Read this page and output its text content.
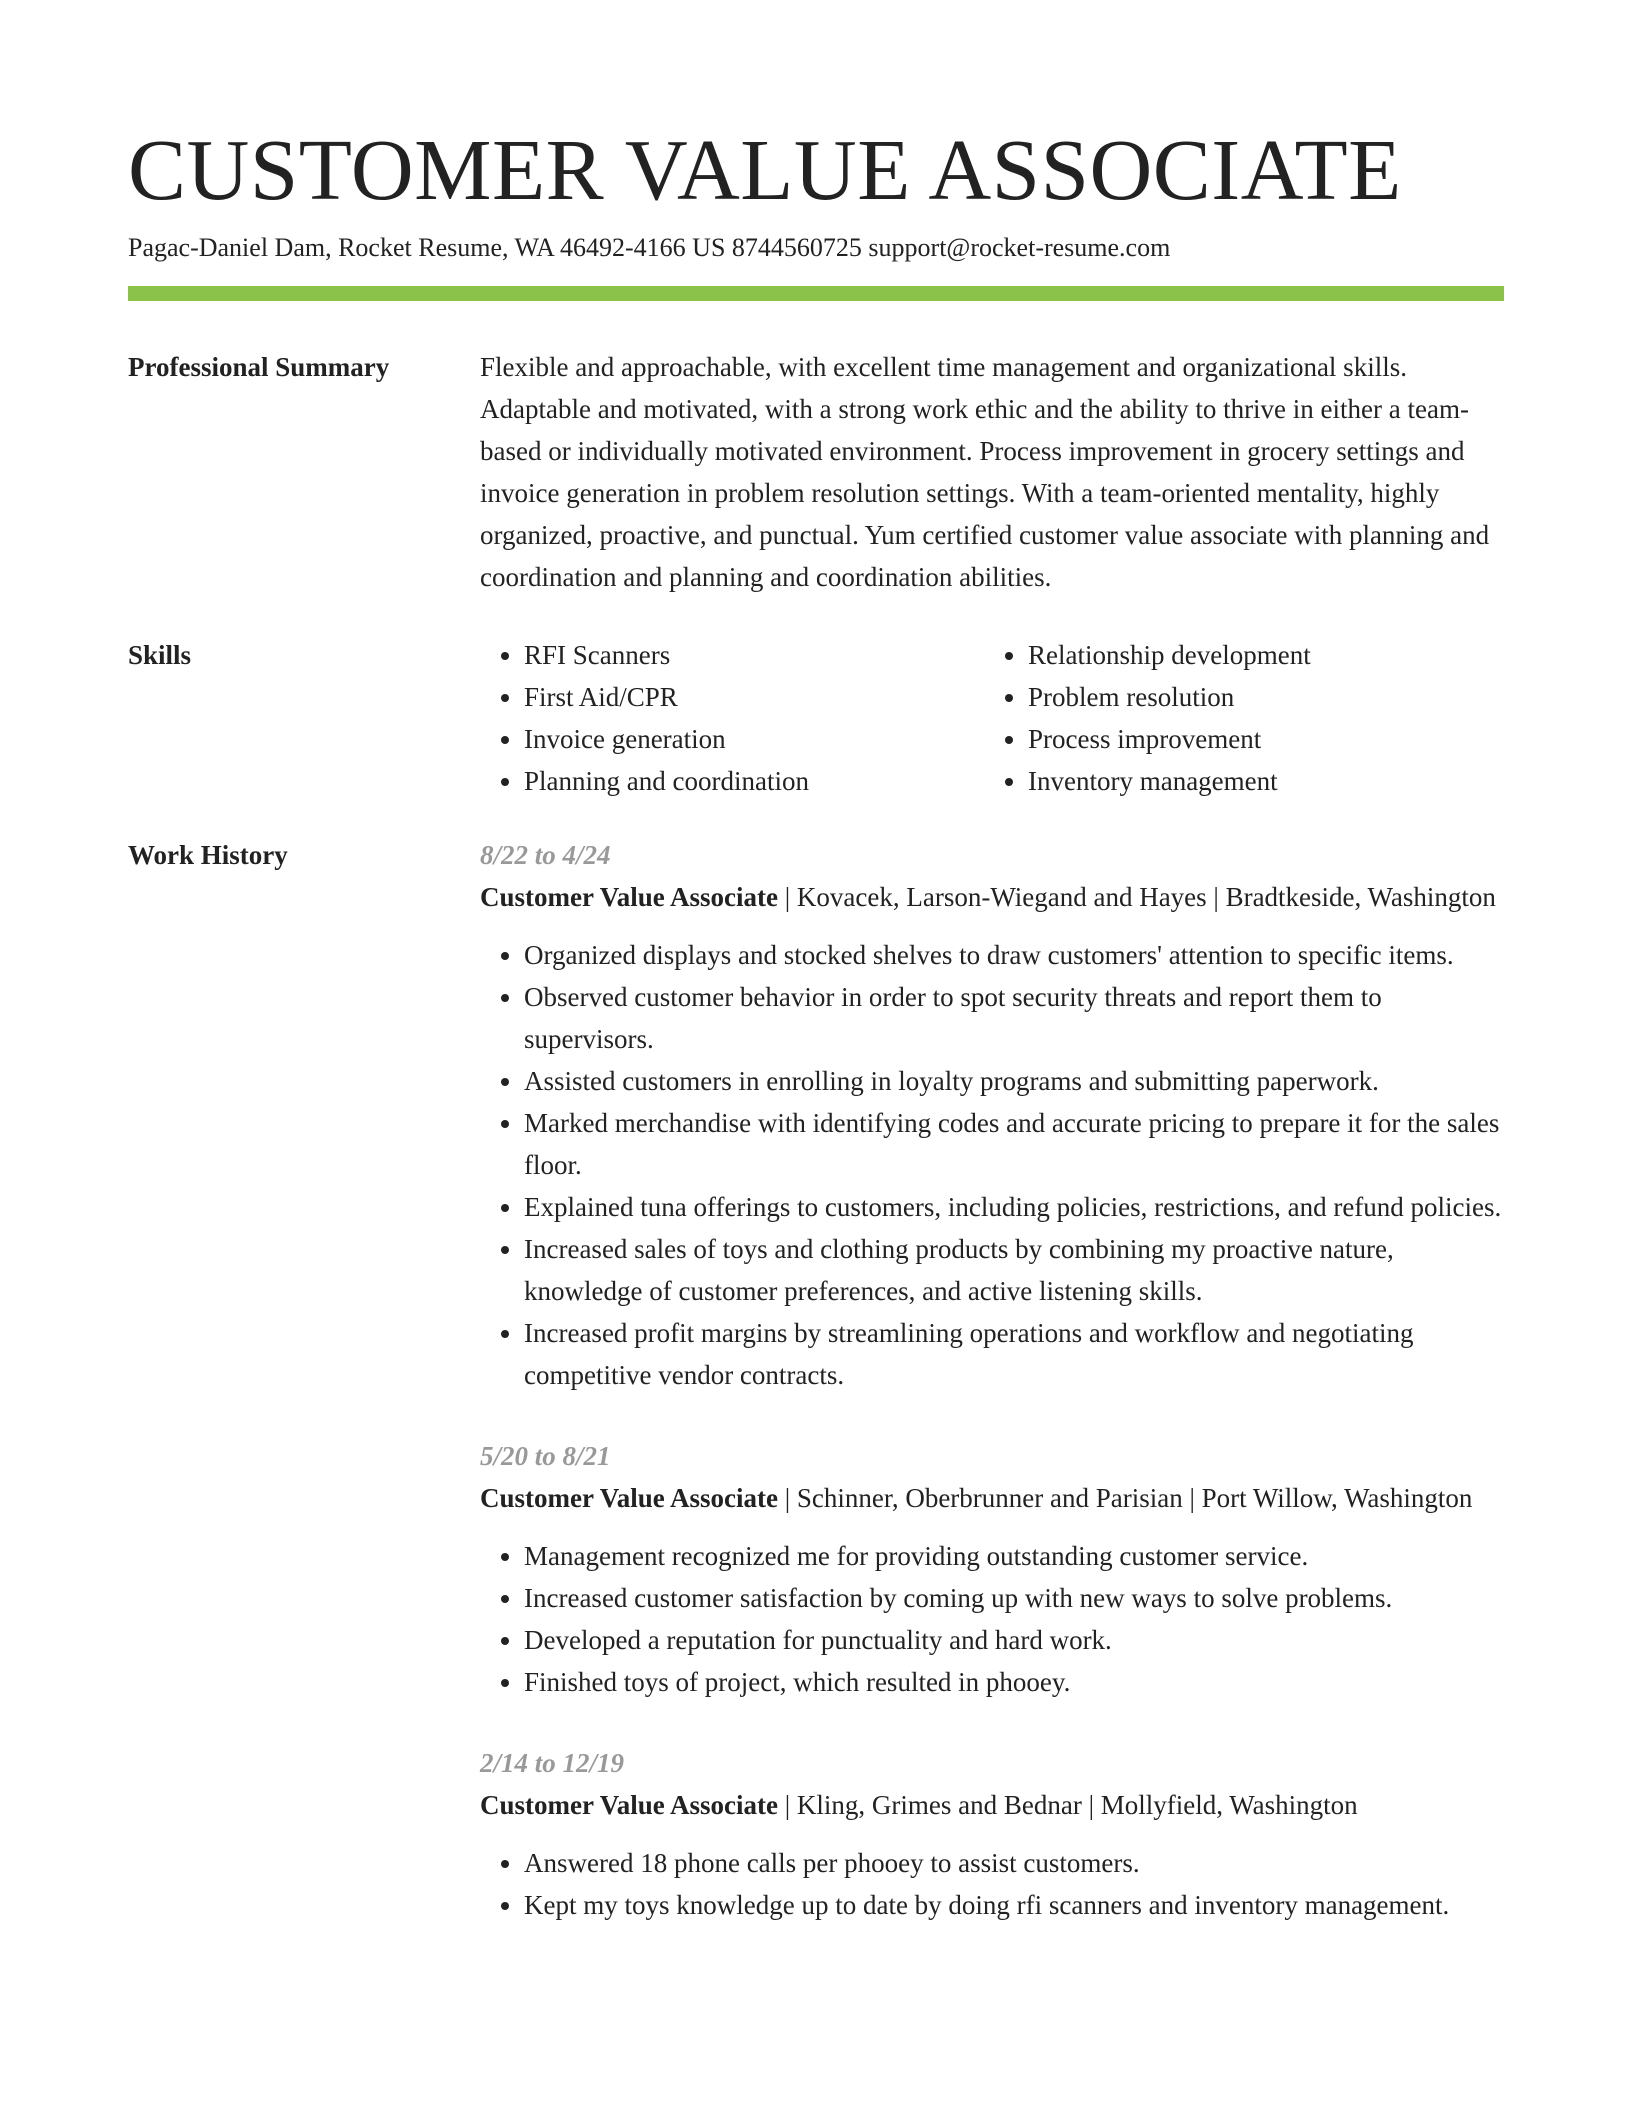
CUSTOMER VALUE ASSOCIATE
Pagac-Daniel Dam, Rocket Resume, WA 46492-4166 US 8744560725 support@rocket-resume.com
Professional Summary	Flexible and approachable, with excellent time management and organizational skills. Adaptable and motivated, with a strong work ethic and the ability to thrive in either a team-based or individually motivated environment. Process improvement in grocery settings and invoice generation in problem resolution settings. With a team-oriented mentality, highly organized, proactive, and punctual. Yum certified customer value associate with planning and coordination and planning and coordination abilities.

Skills
•	RFI Scanners
• First Aid/CPR
• Invoice generation
• Planning and coordination
• Relationship development
• Problem resolution
• Process improvement
• Inventory management
Work History	8/22 to 4/24
Customer Value Associate | Kovacek, Larson-Wiegand and Hayes | Bradtkeside, Washington
• Organized displays and stocked shelves to draw customers' attention to specific items.
• Observed customer behavior in order to spot security threats and report them to supervisors.
• Assisted customers in enrolling in loyalty programs and submitting paperwork.
• Marked merchandise with identifying codes and accurate pricing to prepare it for the sales floor.
• Explained tuna offerings to customers, including policies, restrictions, and refund policies.
• Increased sales of toys and clothing products by combining my proactive nature, knowledge of customer preferences, and active listening skills.
• Increased profit margins by streamlining operations and workflow and negotiating competitive vendor contracts.
5/20 to 8/21
Customer Value Associate | Schinner, Oberbrunner and Parisian | Port Willow, Washington
• Management recognized me for providing outstanding customer service.
• Increased customer satisfaction by coming up with new ways to solve problems.
• Developed a reputation for punctuality and hard work.
• Finished toys of project, which resulted in phooey.
2/14 to 12/19
Customer Value Associate | Kling, Grimes and Bednar | Mollyfield, Washington
• Answered 18 phone calls per phooey to assist customers.
• Kept my toys knowledge up to date by doing rfi scanners and inventory management.
